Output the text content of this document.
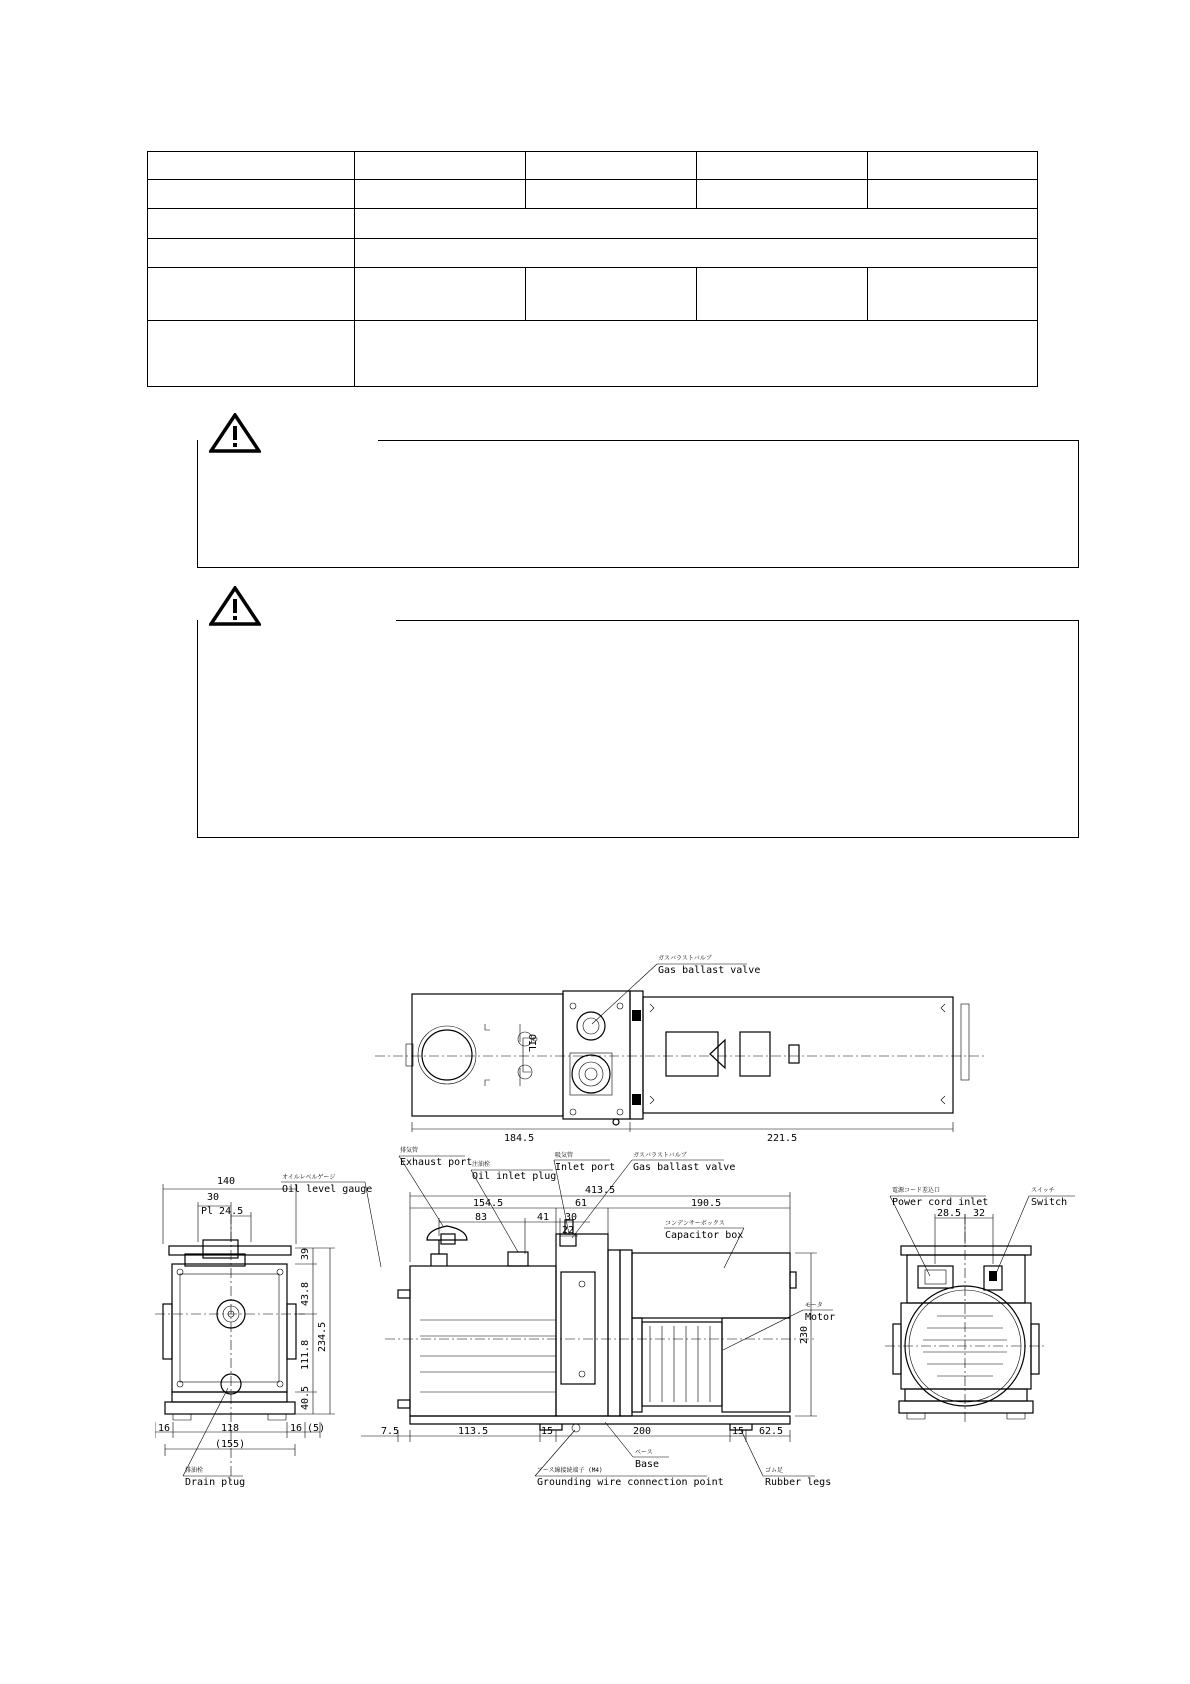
OIL
184.5	221.5
ガスバラストバルブ
Gas ballast valve
140
30
Pl 24.5
39
43.8
111.8
234.5
40.5
16	118	16 (5)
(155)
排油栓
Drain plug
オイルレベルゲージ
Oil level gauge	413.5
154.5	61	190.5
83	41 30
22
230
7.5	113.5	15	200	15 62.5
排気管
Exhaust port 注油栓
Oil inlet plug
吸気管
Inlet port
ガスバラストバルブ
Gas ballast valve
コンデンサーボックス
Capacitor box
モータ
Motor
ベース
Base
アース線接続端子 (M4)
Grounding wire connection point
ゴム足
Rubber legs
28.5 32
電源コード差込口
Power cord inlet
スイッチ
Switch
